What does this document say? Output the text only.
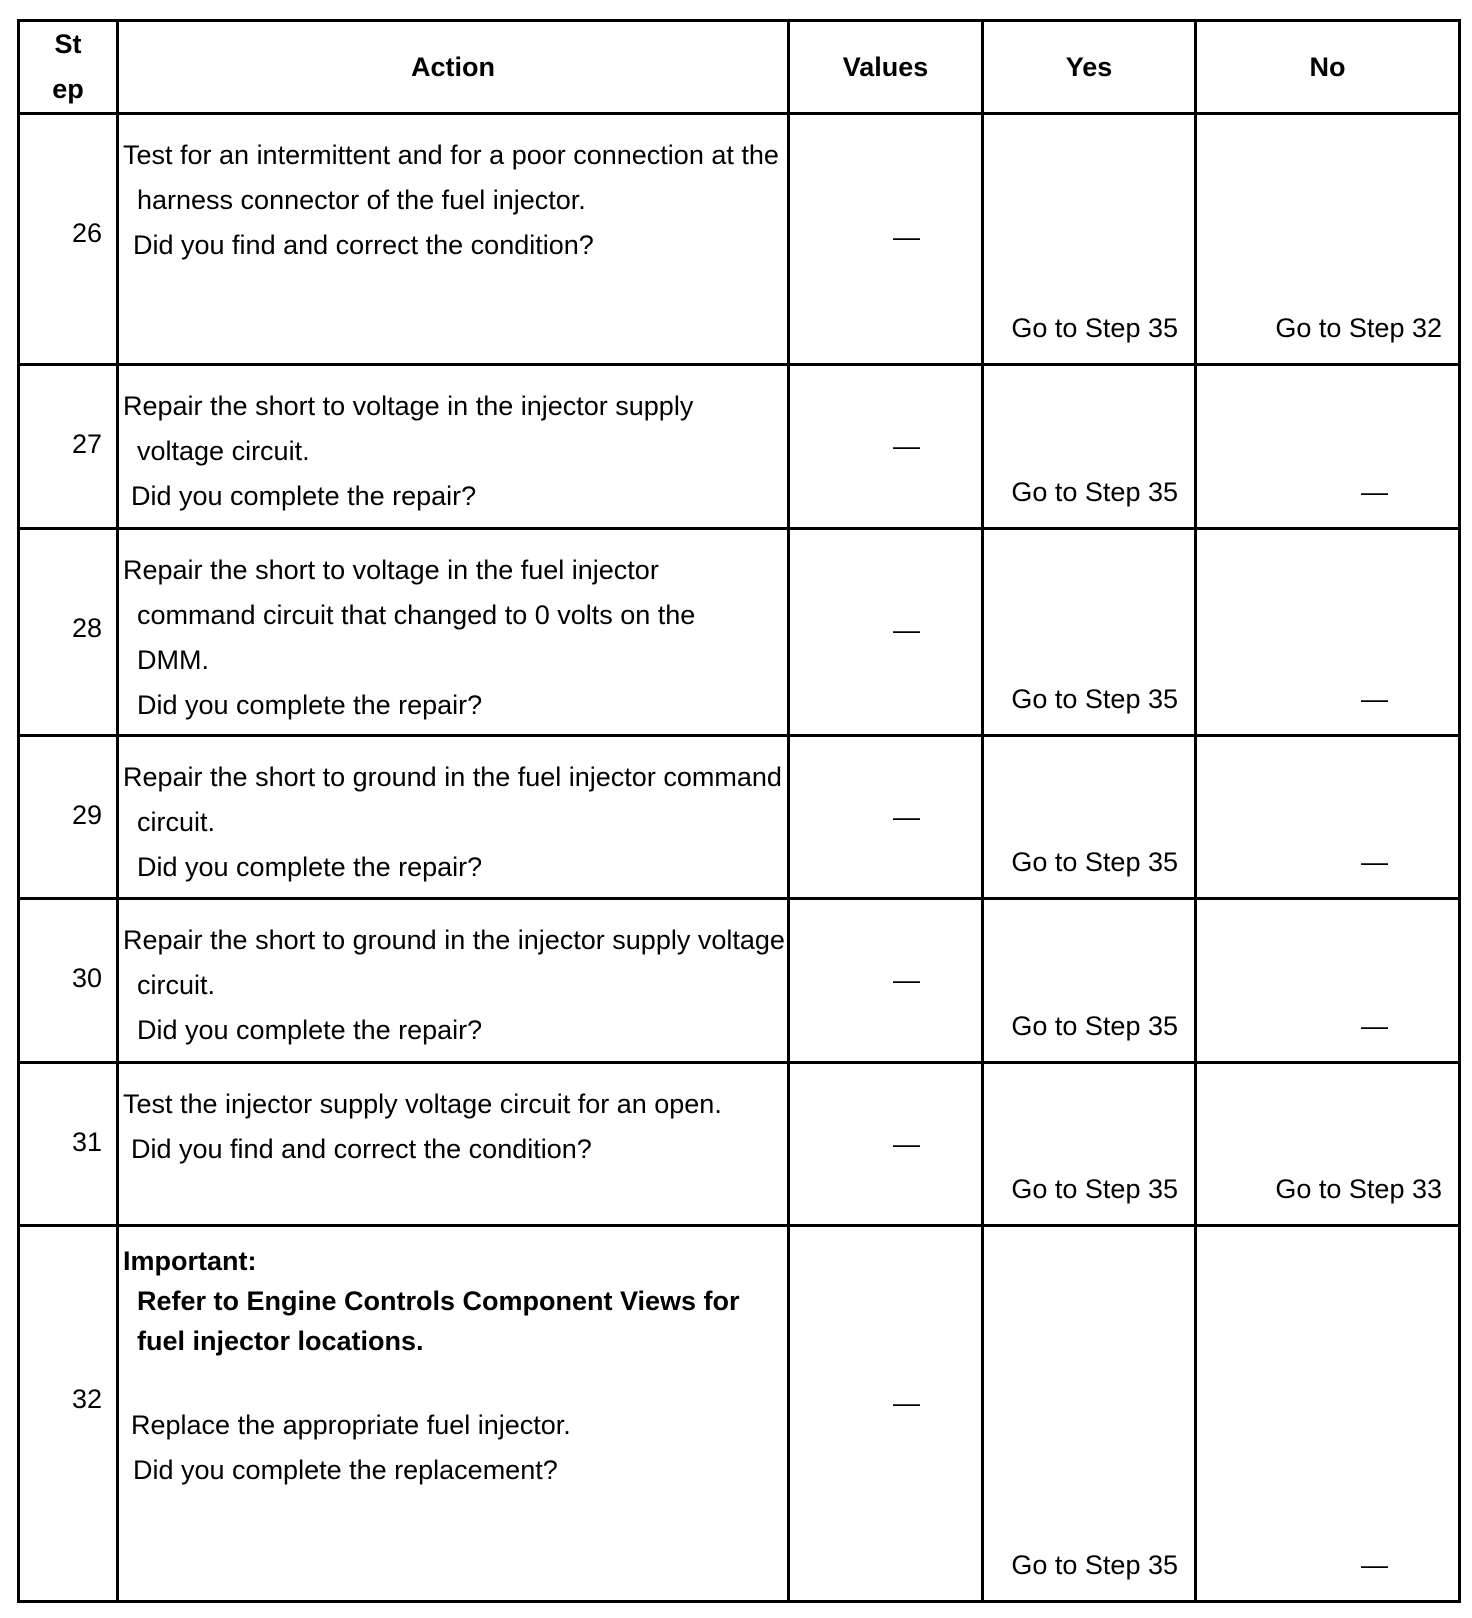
St
ep	Action	Values	Yes	No

26	Test for an intermittent and for a poor connection at the
harness connector of the fuel injector.
Did you find and correct the condition?	—	Go to Step 35	Go to Step 32

27	Repair the short to voltage in the injector supply
voltage circuit.
Did you complete the repair?	—	Go to Step 35	—

28	Repair the short to voltage in the fuel injector
command circuit that changed to 0 volts on the
DMM.
Did you complete the repair?	—	Go to Step 35	—

29	Repair the short to ground in the fuel injector command
circuit.
Did you complete the repair?	—	Go to Step 35	—

30	Repair the short to ground in the injector supply voltage
circuit.
Did you complete the repair?	—	Go to Step 35	—

31	Test the injector supply voltage circuit for an open.
Did you find and correct the condition?	—	Go to Step 35	Go to Step 33

32	Important:
Refer to Engine Controls Component Views for
fuel injector locations.
Replace the appropriate fuel injector.
Did you complete the replacement?	—	Go to Step 35	—
